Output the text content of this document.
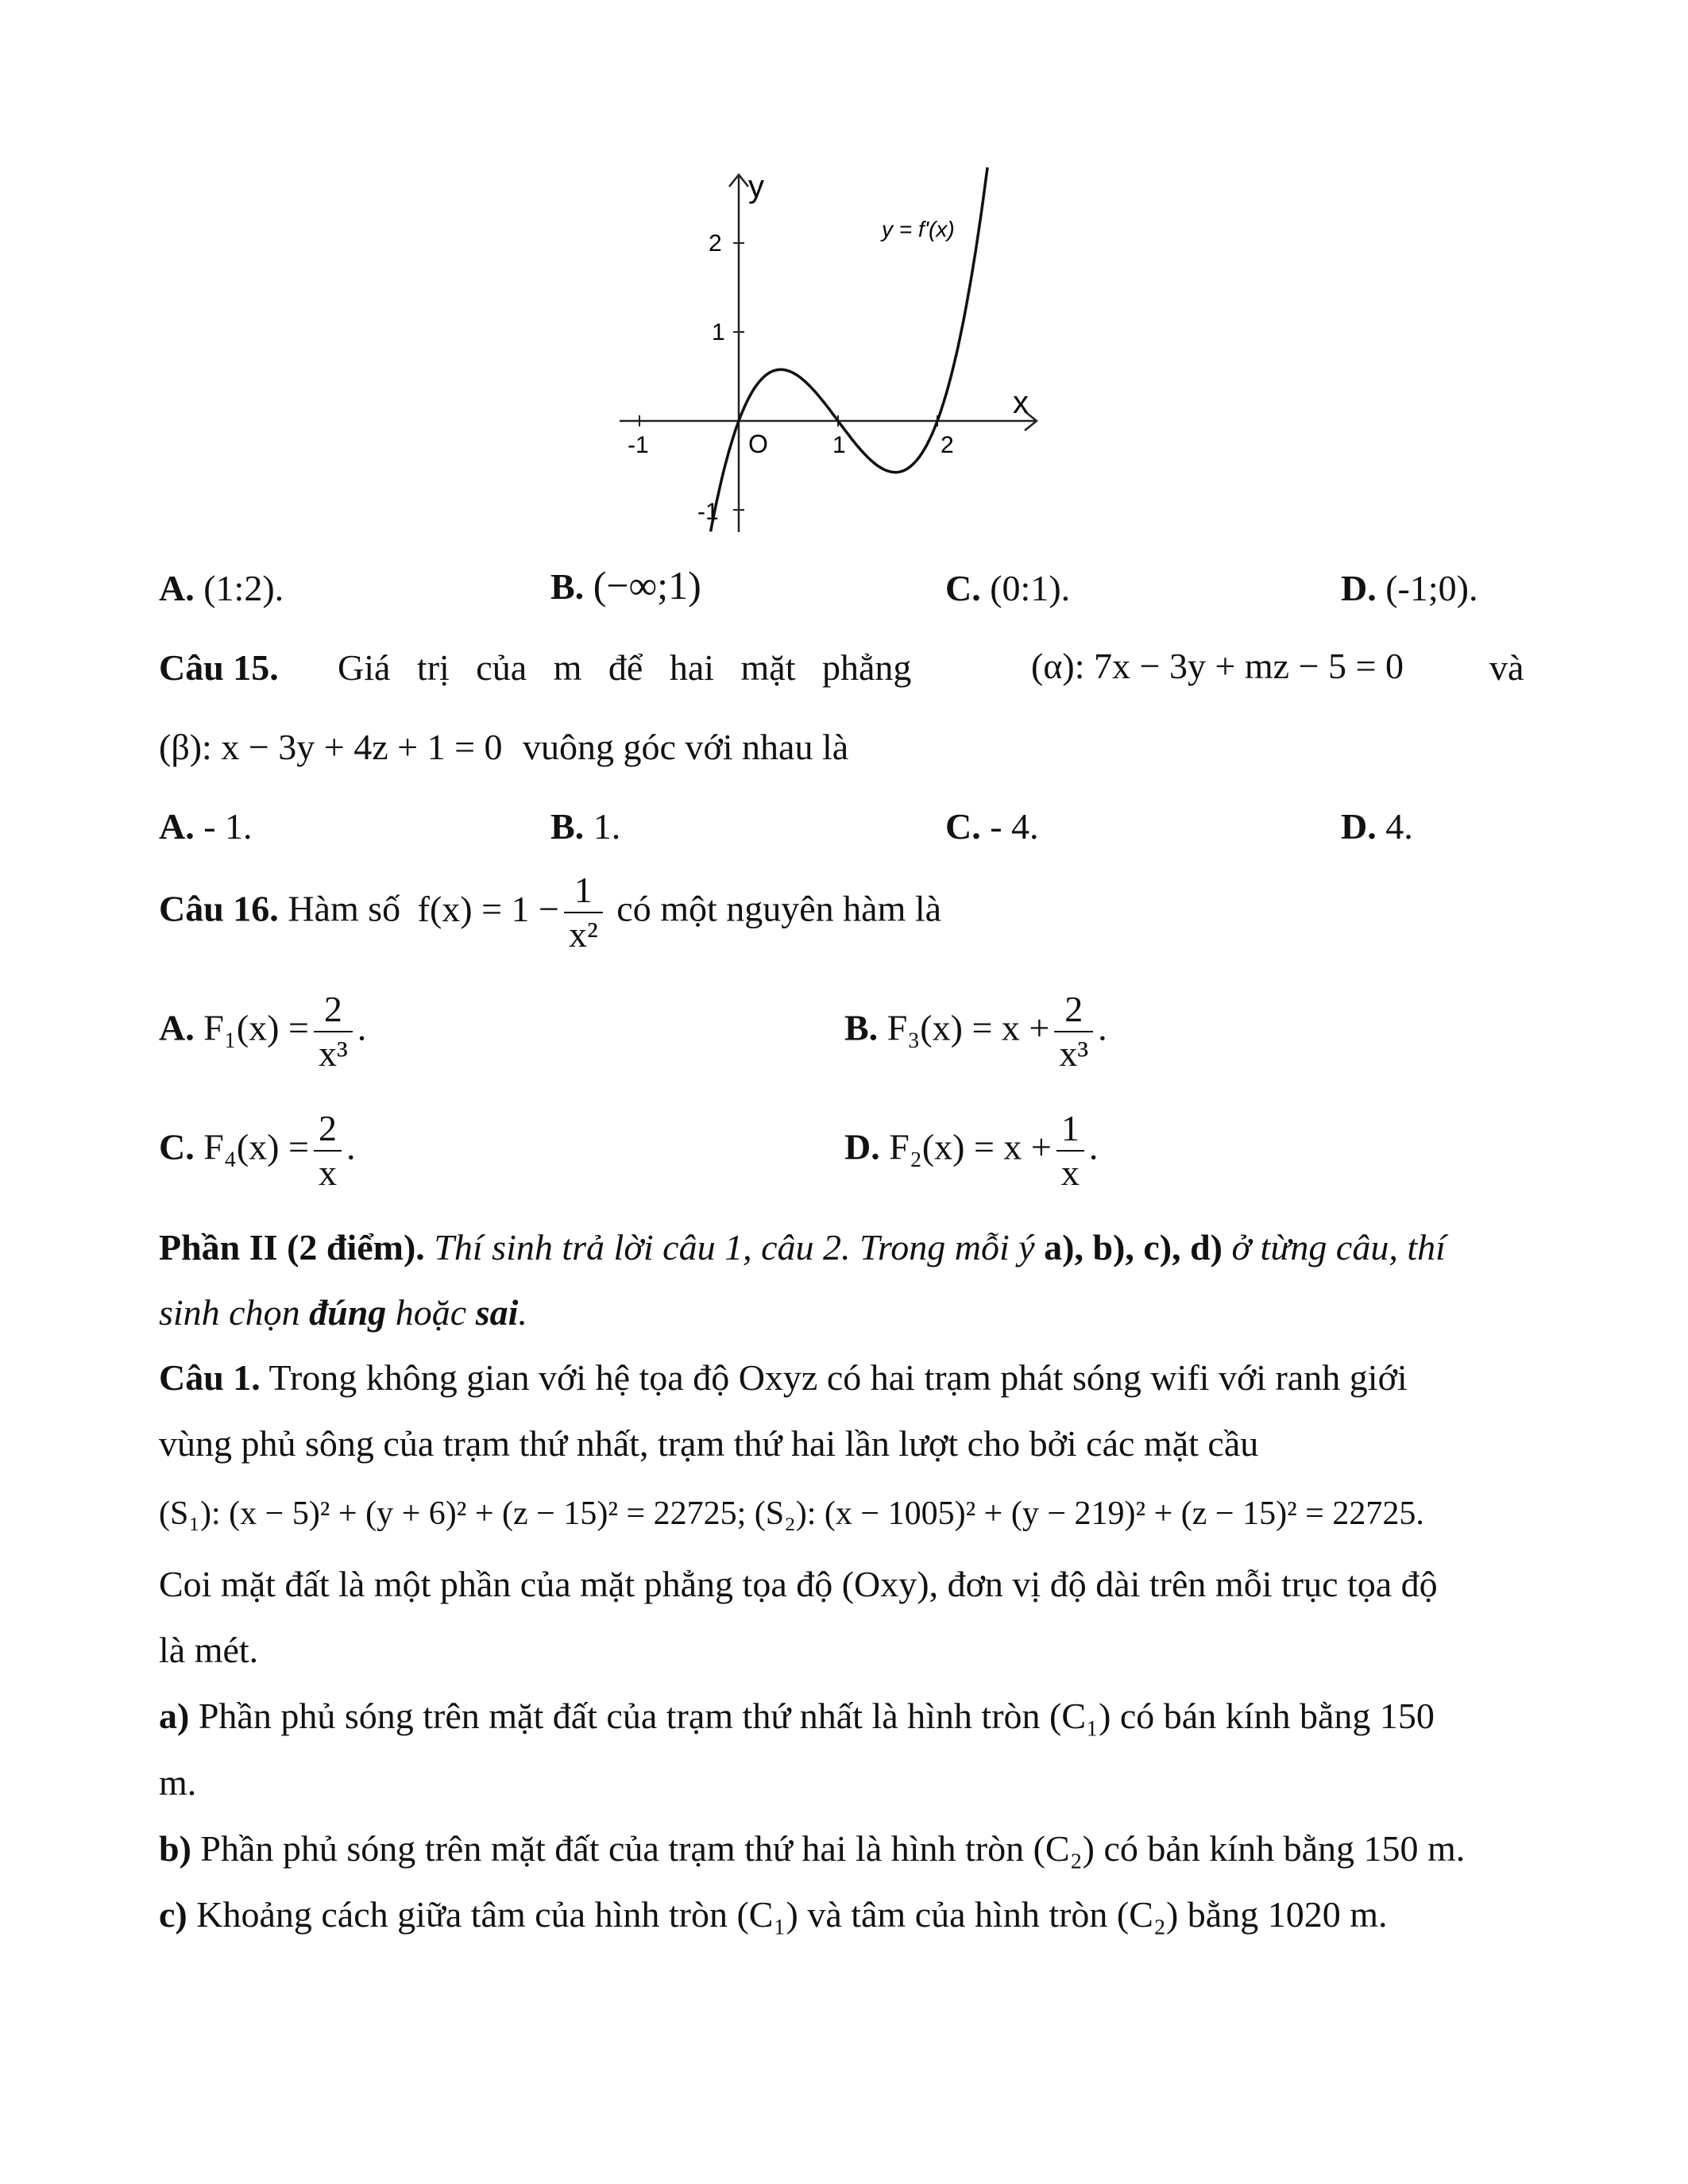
y
x
y = f'(x)
2
1
-1
-1	O	1	2
A. (1:2).	B. (−∞;1)	C. (0:1).	D. (-1;0).
Câu 15. Giá trị của m để hai mặt phẳng	(α): 7x − 3y + mz − 5 = 0 và
(β): x − 3y + 4z + 1 = 0 vuông góc với nhau là
A. - 1.	B. 1.	C. - 4.	D. 4.
Câu 16. Hàm số $f(x) = 1 - \frac{1}{\text{x²}}$ có một nguyên hàm là
A. $F_1(x) = \frac{2}{\text{x³}}$ .	B. $F_3(x) = x + \frac{2}{\text{x³}}$ .
C. $F_4(x) = \frac{2}{x}$ .	D. $F_2(x) = x + \frac{1}{x}$ .
Phần II (2 điểm). Thí sinh trả lời câu 1, câu 2. Trong mỗi ý a), b), c), d) ở từng câu, thí
sinh chọn đúng hoặc sai.
Câu 1. Trong không gian với hệ tọa độ Oxyz có hai trạm phát sóng wifi với ranh giới
vùng phủ sông của trạm thứ nhất, trạm thứ hai lần lượt cho bởi các mặt cầu
(S₁): (x − 5)² + (y + 6)² + (z − 15)² = 22725; (S₂): (x − 1005)² + (y − 219)² + (z − 15)² = 22725.
Coi mặt đất là một phần của mặt phẳng tọa độ (Oxy), đơn vị độ dài trên mỗi trục tọa độ
là mét.
a) Phần phủ sóng trên mặt đất của trạm thứ nhất là hình tròn (C₁) có bán kính bằng 150
m.
b) Phần phủ sóng trên mặt đất của trạm thứ hai là hình tròn (C₂) có bản kính bằng 150 m.
c) Khoảng cách giữa tâm của hình tròn (C₁) và tâm của hình tròn (C₂) bằng 1020 m.
